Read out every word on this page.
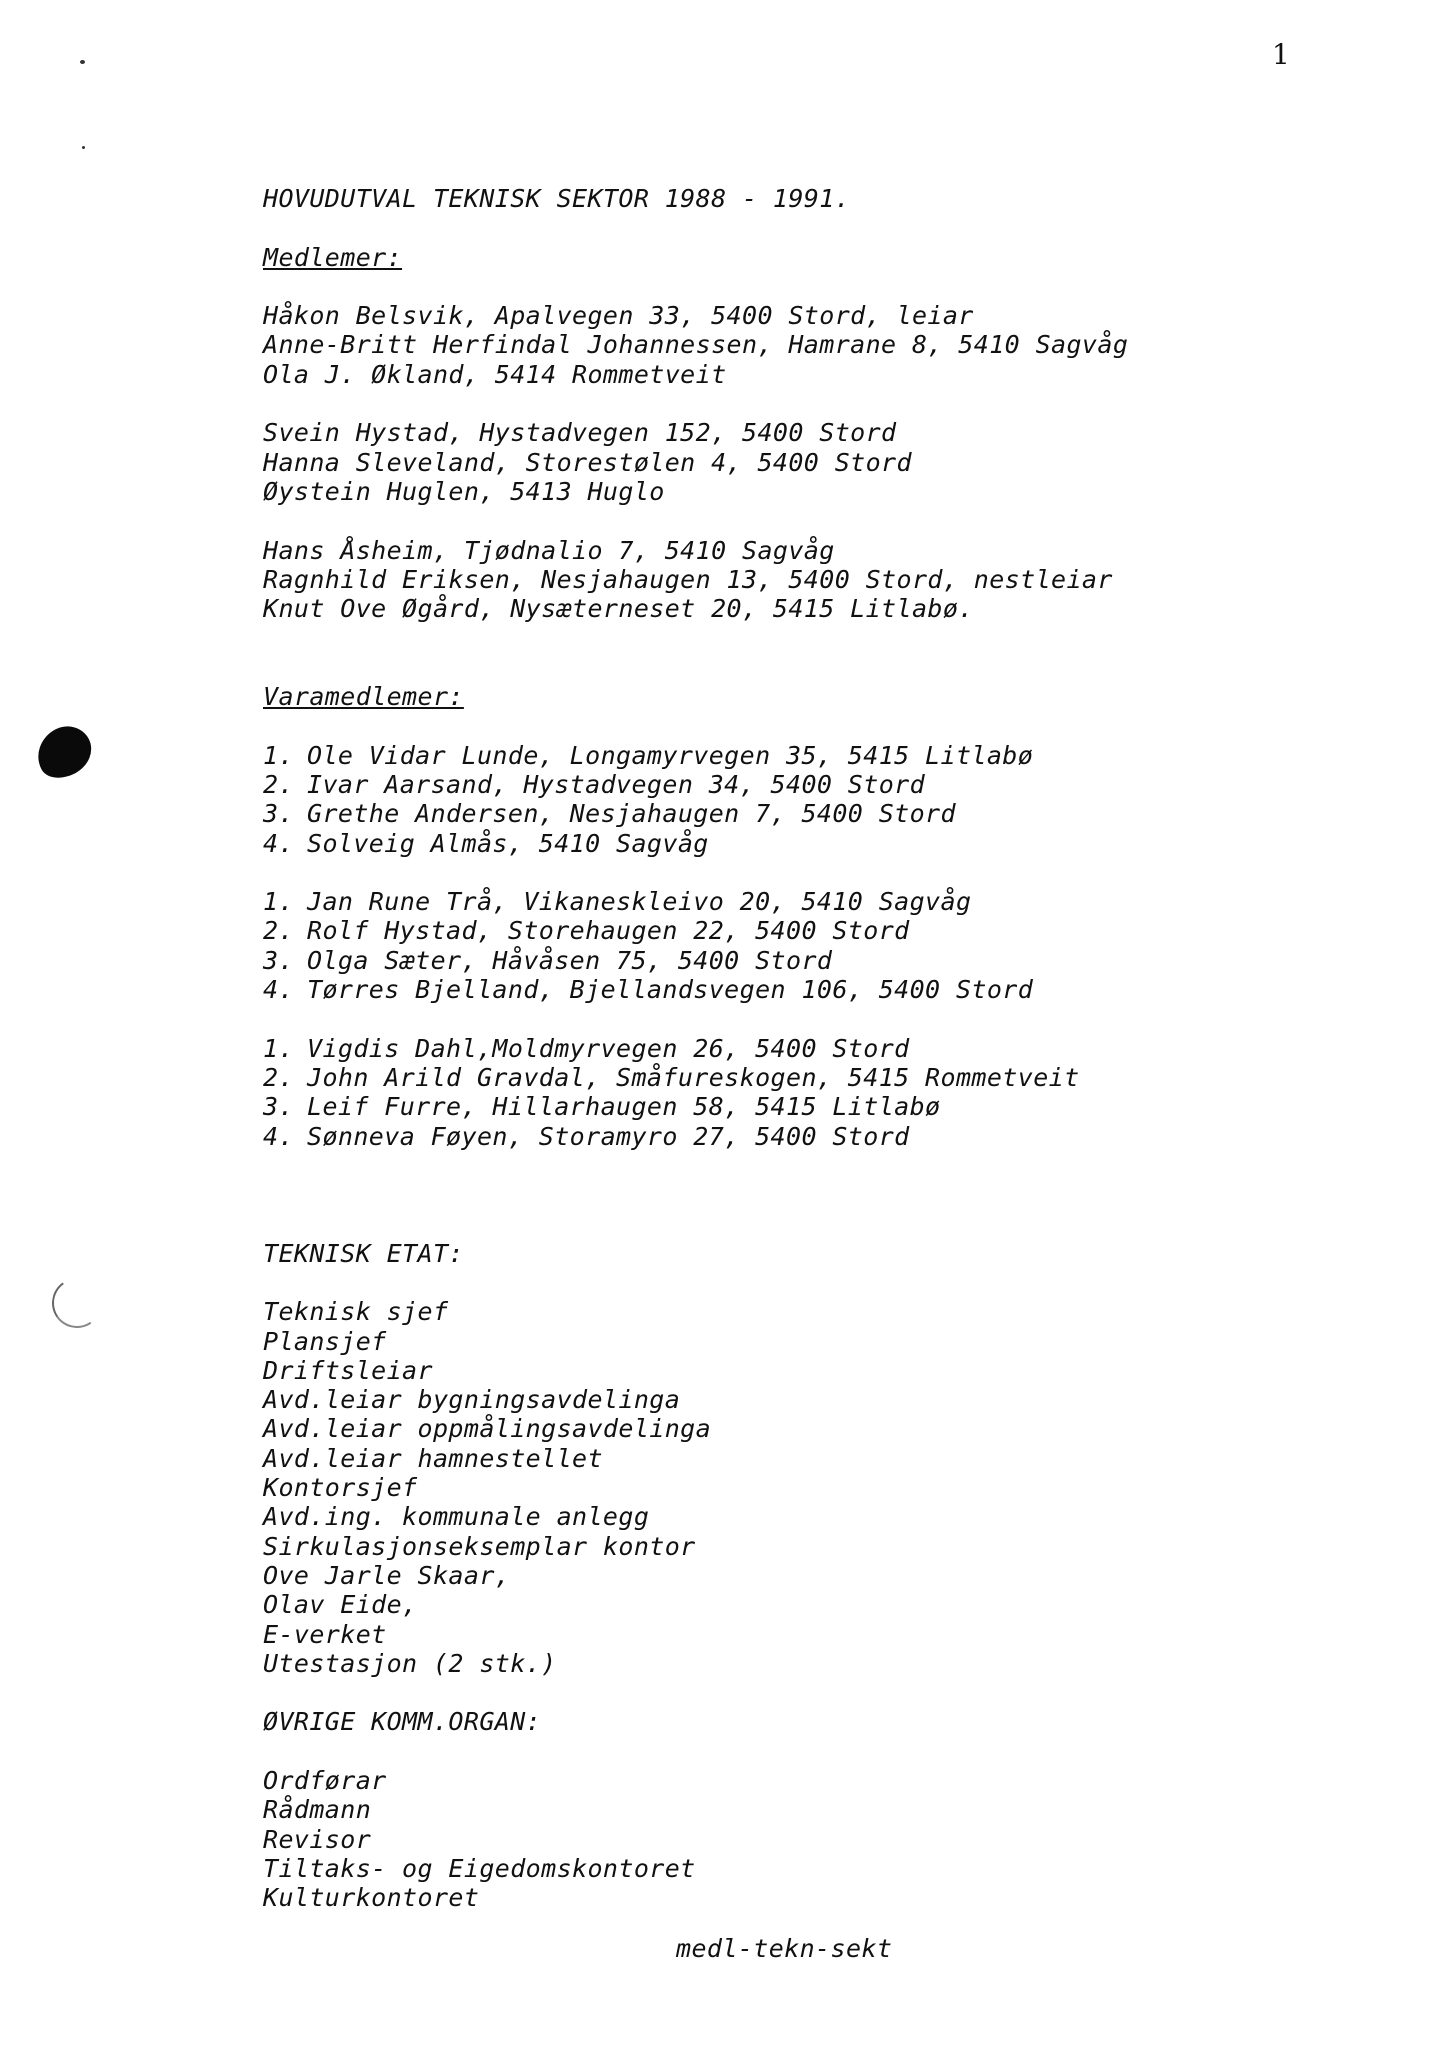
1
HOVUDUTVAL TEKNISK SEKTOR 1988 - 1991.
Medlemer:
Håkon Belsvik, Apalvegen 33, 5400 Stord, leiar
Anne-Britt Herfindal Johannessen, Hamrane 8, 5410 Sagvåg
Ola J. Økland, 5414 Rommetveit
Svein Hystad, Hystadvegen 152, 5400 Stord
Hanna Sleveland, Storestølen 4, 5400 Stord
Øystein Huglen, 5413 Huglo
Hans Åsheim, Tjødnalio 7, 5410 Sagvåg
Ragnhild Eriksen, Nesjahaugen 13, 5400 Stord, nestleiar
Knut Ove Øgård, Nysæterneset 20, 5415 Litlabø.
Varamedlemer:
1. Ole Vidar Lunde, Longamyrvegen 35, 5415 Litlabø
2. Ivar Aarsand, Hystadvegen 34, 5400 Stord
3. Grethe Andersen, Nesjahaugen 7, 5400 Stord
4. Solveig Almås, 5410 Sagvåg
1. Jan Rune Trå, Vikaneskleivo 20, 5410 Sagvåg
2. Rolf Hystad, Storehaugen 22, 5400 Stord
3. Olga Sæter, Håvåsen 75, 5400 Stord
4. Tørres Bjelland, Bjellandsvegen 106, 5400 Stord
1. Vigdis Dahl,Moldmyrvegen 26, 5400 Stord
2. John Arild Gravdal, Småfureskogen, 5415 Rommetveit
3. Leif Furre, Hillarhaugen 58, 5415 Litlabø
4. Sønneva Føyen, Storamyro 27, 5400 Stord
TEKNISK ETAT:
Teknisk sjef
Plansjef
Driftsleiar
Avd.leiar bygningsavdelinga
Avd.leiar oppmålingsavdelinga
Avd.leiar hamnestellet
Kontorsjef
Avd.ing. kommunale anlegg
Sirkulasjonseksemplar kontor
Ove Jarle Skaar,
Olav Eide,
E-verket
Utestasjon (2 stk.)
ØVRIGE KOMM.ORGAN:
Ordførar
Rådmann
Revisor
Tiltaks- og Eigedomskontoret
Kulturkontoret
medl-tekn-sekt
